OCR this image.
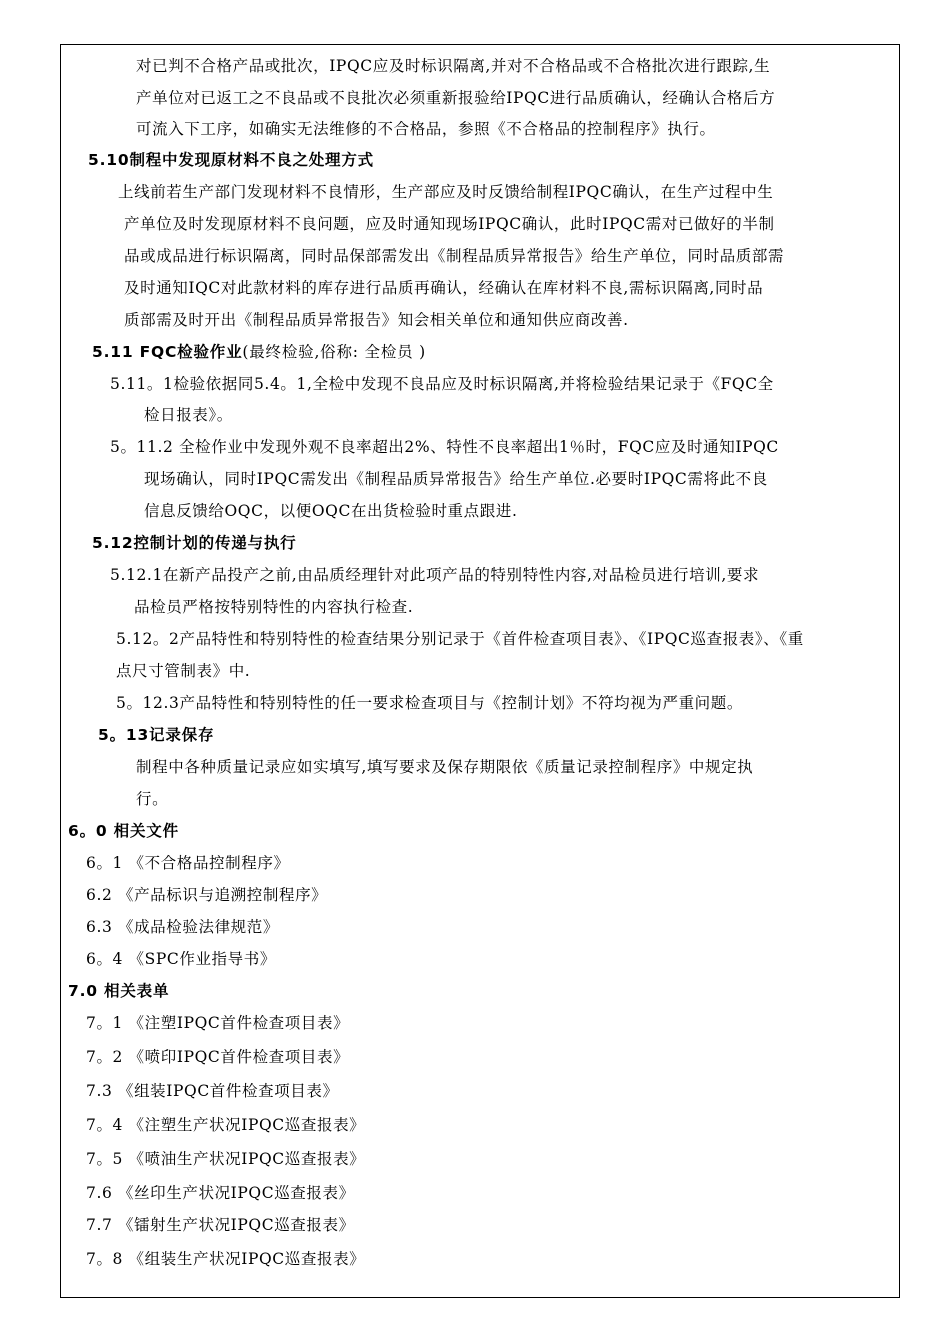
对已判不合格产品或批次，IPQC应及时标识隔离,并对不合格品或不合格批次进行跟踪,生
产单位对已返工之不良品或不良批次必须重新报验给IPQC进行品质确认，经确认合格后方
可流入下工序，如确实无法维修的不合格品，参照《不合格品的控制程序》执行。
5.10制程中发现原材料不良之处理方式
上线前若生产部门发现材料不良情形，生产部应及时反馈给制程IPQC确认，在生产过程中生
产单位及时发现原材料不良问题，应及时通知现场IPQC确认，此时IPQC需对已做好的半制
品或成品进行标识隔离，同时品保部需发出《制程品质异常报告》给生产单位，同时品质部需
及时通知IQC对此款材料的库存进行品质再确认，经确认在库材料不良,需标识隔离,同时品
质部需及时开出《制程品质异常报告》知会相关单位和通知供应商改善.
5.11 FQC检验作业(最终检验,俗称: 全检员 )
5.11。1检验依据同5.4。1,全检中发现不良品应及时标识隔离,并将检验结果记录于《FQC全
检日报表》。
5。11.2 全检作业中发现外观不良率超出2%、特性不良率超出1％时，FQC应及时通知IPQC
现场确认，同时IPQC需发出《制程品质异常报告》给生产单位.必要时IPQC需将此不良
信息反馈给OQC，以便OQC在出货检验时重点跟进.
5.12控制计划的传递与执行
5.12.1在新产品投产之前,由品质经理针对此项产品的特别特性内容,对品检员进行培训,要求
品检员严格按特别特性的内容执行检查.
5.12。2产品特性和特别特性的检查结果分别记录于《首件检查项目表》、《IPQC巡查报表》、《重
点尺寸管制表》中.
5。12.3产品特性和特别特性的任一要求检查项目与《控制计划》不符均视为严重问题。
5。13记录保存
制程中各种质量记录应如实填写,填写要求及保存期限依《质量记录控制程序》中规定执
行。
6。0 相关文件
6。1 《不合格品控制程序》
6.2 《产品标识与追溯控制程序》
6.3 《成品检验法律规范》
6。4 《SPC作业指导书》
7.0 相关表单
7。1 《注塑IPQC首件检查项目表》
7。2 《喷印IPQC首件检查项目表》
7.3 《组装IPQC首件检查项目表》
7。4 《注塑生产状况IPQC巡查报表》
7。5 《喷油生产状况IPQC巡查报表》
7.6 《丝印生产状况IPQC巡查报表》
7.7 《镭射生产状况IPQC巡查报表》
7。8 《组装生产状况IPQC巡查报表》
